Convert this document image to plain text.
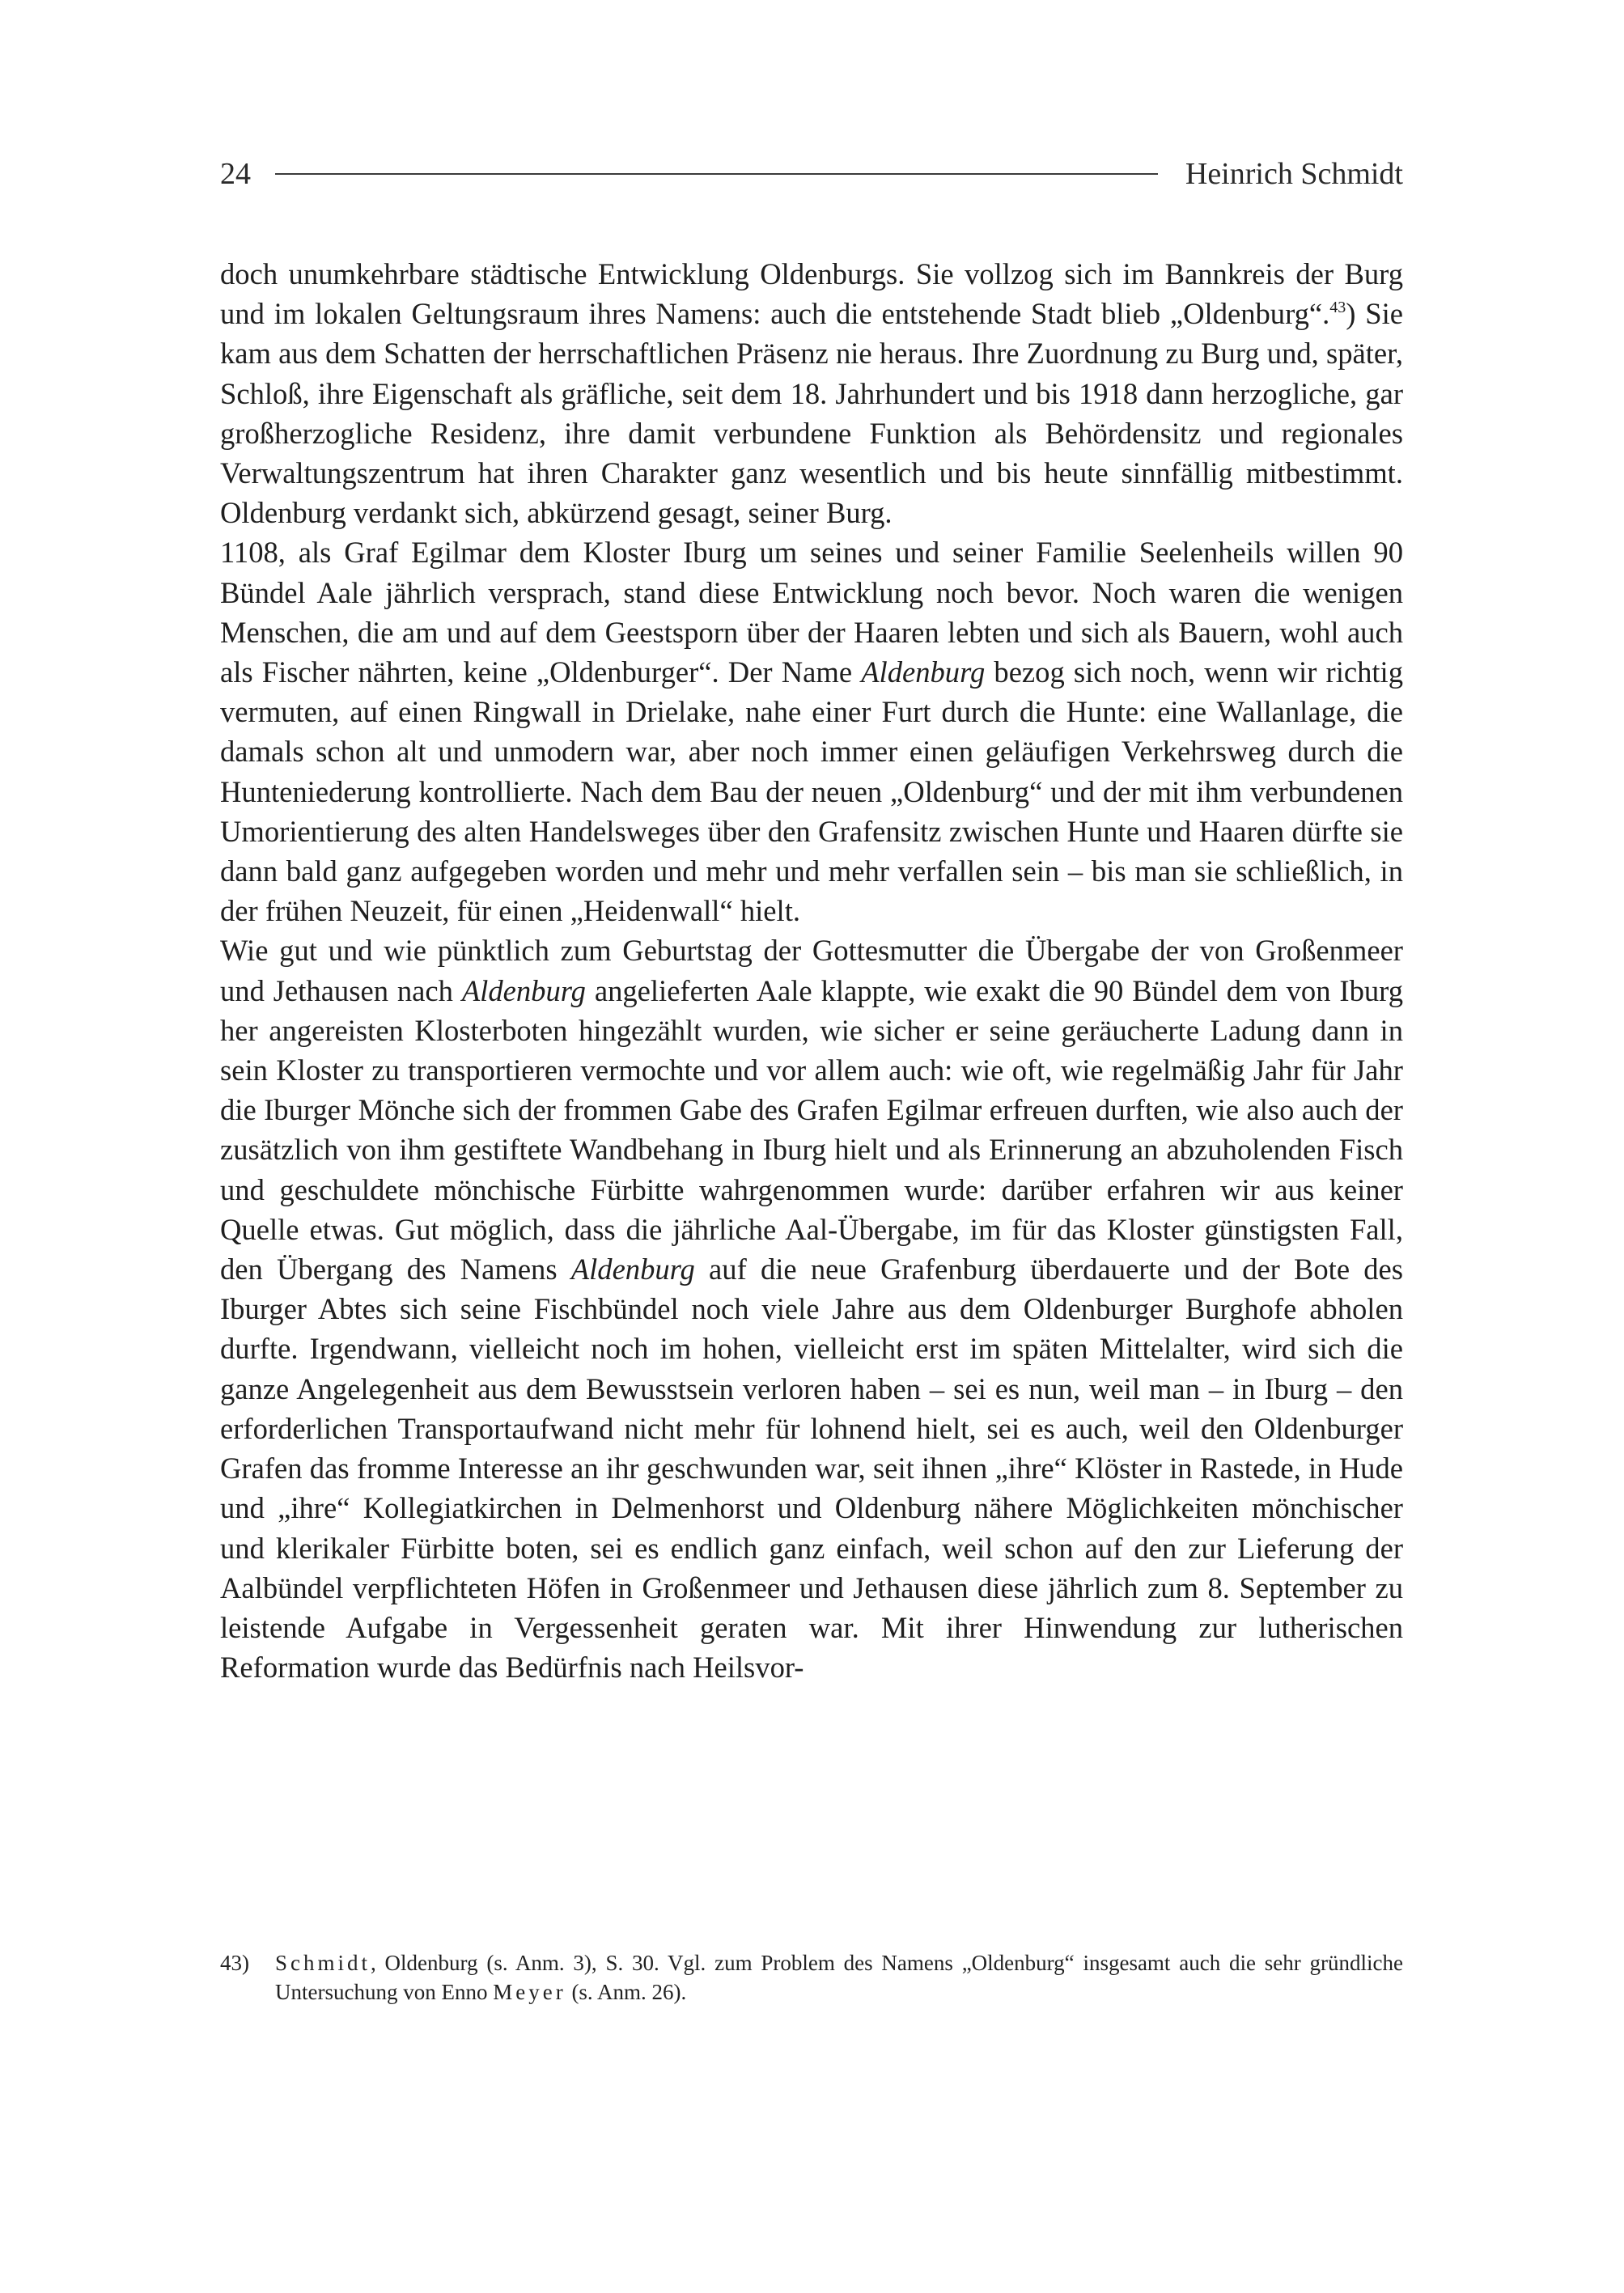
24	Heinrich Schmidt

doch unumkehrbare städtische Entwicklung Oldenburgs. Sie vollzog sich im Bannkreis der Burg und im lokalen Geltungsraum ihres Namens: auch die entstehende Stadt blieb „Oldenburg“.$^{43}$) Sie kam aus dem Schatten der herrschaftlichen Präsenz nie heraus. Ihre Zuordnung zu Burg und, später, Schloß, ihre Eigenschaft als gräfliche, seit dem 18. Jahrhundert und bis 1918 dann herzogliche, gar großherzogliche Residenz, ihre damit verbundene Funktion als Behördensitz und regionales Verwaltungszentrum hat ihren Charakter ganz wesentlich und bis heute sinnfällig mitbestimmt. Oldenburg verdankt sich, abkürzend gesagt, seiner Burg.

1108, als Graf Egilmar dem Kloster Iburg um seines und seiner Familie Seelenheils willen 90 Bündel Aale jährlich versprach, stand diese Entwicklung noch bevor. Noch waren die wenigen Menschen, die am und auf dem Geestsporn über der Haaren lebten und sich als Bauern, wohl auch als Fischer nährten, keine „Oldenburger“. Der Name Aldenburg bezog sich noch, wenn wir richtig vermuten, auf einen Ringwall in Drielake, nahe einer Furt durch die Hunte: eine Wallanlage, die damals schon alt und unmodern war, aber noch immer einen geläufigen Verkehrsweg durch die Hunteniederung kontrollierte. Nach dem Bau der neuen „Oldenburg“ und der mit ihm verbundenen Umorientierung des alten Handelsweges über den Grafensitz zwischen Hunte und Haaren dürfte sie dann bald ganz aufgegeben worden und mehr und mehr verfallen sein – bis man sie schließlich, in der frühen Neuzeit, für einen „Heidenwall“ hielt.

Wie gut und wie pünktlich zum Geburtstag der Gottesmutter die Übergabe der von Großenmeer und Jethausen nach Aldenburg angelieferten Aale klappte, wie exakt die 90 Bündel dem von Iburg her angereisten Klosterboten hingezählt wurden, wie sicher er seine geräucherte Ladung dann in sein Kloster zu transportieren vermochte und vor allem auch: wie oft, wie regelmäßig Jahr für Jahr die Iburger Mönche sich der frommen Gabe des Grafen Egilmar erfreuen durften, wie also auch der zusätzlich von ihm gestiftete Wandbehang in Iburg hielt und als Erinnerung an abzuholenden Fisch und geschuldete mönchische Fürbitte wahrgenommen wurde: darüber erfahren wir aus keiner Quelle etwas. Gut möglich, dass die jährliche Aal-Übergabe, im für das Kloster günstigsten Fall, den Übergang des Namens Aldenburg auf die neue Grafenburg überdauerte und der Bote des Iburger Abtes sich seine Fischbündel noch viele Jahre aus dem Oldenburger Burghofe abholen durfte. Irgendwann, vielleicht noch im hohen, vielleicht erst im späten Mittelalter, wird sich die ganze Angelegenheit aus dem Bewusstsein verloren haben – sei es nun, weil man – in Iburg – den erforderlichen Transportaufwand nicht mehr für lohnend hielt, sei es auch, weil den Oldenburger Grafen das fromme Interesse an ihr geschwunden war, seit ihnen „ihre“ Klöster in Rastede, in Hude und „ihre“ Kollegiatkirchen in Delmenhorst und Oldenburg nähere Möglichkeiten mönchischer und klerikaler Fürbitte boten, sei es endlich ganz einfach, weil schon auf den zur Lieferung der Aalbündel verpflichteten Höfen in Großenmeer und Jethausen diese jährlich zum 8. September zu leistende Aufgabe in Vergessenheit geraten war. Mit ihrer Hinwendung zur lutherischen Reformation wurde das Bedürfnis nach Heilsvor-

43) Schmidt, Oldenburg (s. Anm. 3), S. 30. Vgl. zum Problem des Namens „Oldenburg“ insgesamt auch die sehr gründliche Untersuchung von Enno Meyer (s. Anm. 26).
